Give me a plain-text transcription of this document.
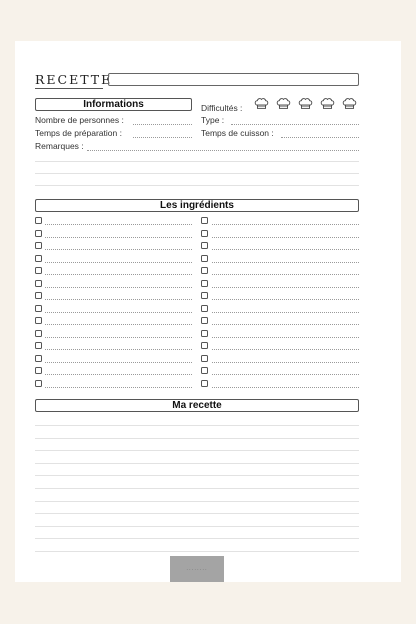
RECETTE
Informations	Difficultés :
Nombre de personnes :
Temps de préparation :
Remarques :
Type :
Temps de cuisson :
Les ingrédients
Ma recette
........
